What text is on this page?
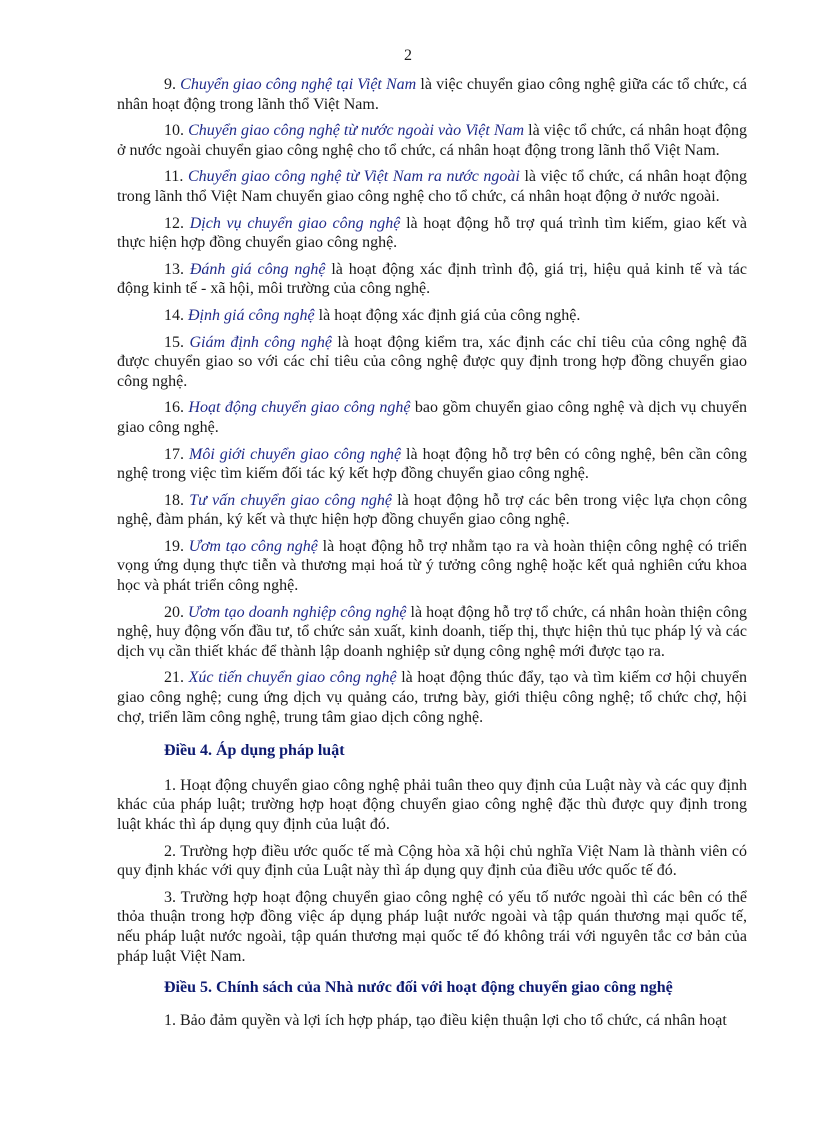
2

9. Chuyển giao công nghệ tại Việt Nam là việc chuyển giao công nghệ giữa các tổ chức, cá nhân hoạt động trong lãnh thổ Việt Nam.

10. Chuyển giao công nghệ từ nước ngoài vào Việt Nam là việc tổ chức, cá nhân hoạt động ở nước ngoài chuyển giao công nghệ cho tổ chức, cá nhân hoạt động trong lãnh thổ Việt Nam.

11. Chuyển giao công nghệ từ Việt Nam ra nước ngoài là việc tổ chức, cá nhân hoạt động trong lãnh thổ Việt Nam chuyển giao công nghệ cho tổ chức, cá nhân hoạt động ở nước ngoài.

12. Dịch vụ chuyển giao công nghệ là hoạt động hỗ trợ quá trình tìm kiếm, giao kết và thực hiện hợp đồng chuyển giao công nghệ.

13. Đánh giá công nghệ là hoạt động xác định trình độ, giá trị, hiệu quả kinh tế và tác động kinh tế - xã hội, môi trường của công nghệ.

14. Định giá công nghệ là hoạt động xác định giá của công nghệ.

15. Giám định công nghệ là hoạt động kiểm tra, xác định các chỉ tiêu của công nghệ đã được chuyển giao so với các chỉ tiêu của công nghệ được quy định trong hợp đồng chuyển giao công nghệ.

16. Hoạt động chuyển giao công nghệ bao gồm chuyển giao công nghệ và dịch vụ chuyển giao công nghệ.

17. Môi giới chuyển giao công nghệ là hoạt động hỗ trợ bên có công nghệ, bên cần công nghệ trong việc tìm kiếm đối tác ký kết hợp đồng chuyển giao công nghệ.

18. Tư vấn chuyển giao công nghệ là hoạt động hỗ trợ các bên trong việc lựa chọn công nghệ, đàm phán, ký kết và thực hiện hợp đồng chuyển giao công nghệ.

19. Ươm tạo công nghệ là hoạt động hỗ trợ nhằm tạo ra và hoàn thiện công nghệ có triển vọng ứng dụng thực tiễn và thương mại hoá từ ý tưởng công nghệ hoặc kết quả nghiên cứu khoa học và phát triển công nghệ.

20. Ươm tạo doanh nghiệp công nghệ là hoạt động hỗ trợ tổ chức, cá nhân hoàn thiện công nghệ, huy động vốn đầu tư, tổ chức sản xuất, kinh doanh, tiếp thị, thực hiện thủ tục pháp lý và các dịch vụ cần thiết khác để thành lập doanh nghiệp sử dụng công nghệ mới được tạo ra.

21. Xúc tiến chuyển giao công nghệ là hoạt động thúc đẩy, tạo và tìm kiếm cơ hội chuyển giao công nghệ; cung ứng dịch vụ quảng cáo, trưng bày, giới thiệu công nghệ; tổ chức chợ, hội chợ, triển lãm công nghệ, trung tâm giao dịch công nghệ.

Điều 4. Áp dụng pháp luật

1. Hoạt động chuyển giao công nghệ phải tuân theo quy định của Luật này và các quy định khác của pháp luật; trường hợp hoạt động chuyển giao công nghệ đặc thù được quy định trong luật khác thì áp dụng quy định của luật đó.

2. Trường hợp điều ước quốc tế mà Cộng hòa xã hội chủ nghĩa Việt Nam là thành viên có quy định khác với quy định của Luật này thì áp dụng quy định của điều ước quốc tế đó.

3. Trường hợp hoạt động chuyển giao công nghệ có yếu tố nước ngoài thì các bên có thể thỏa thuận trong hợp đồng việc áp dụng pháp luật nước ngoài và tập quán thương mại quốc tế, nếu pháp luật nước ngoài, tập quán thương mại quốc tế đó không trái với nguyên tắc cơ bản của pháp luật Việt Nam.

Điều 5. Chính sách của Nhà nước đối với hoạt động chuyển giao công nghệ

1. Bảo đảm quyền và lợi ích hợp pháp, tạo điều kiện thuận lợi cho tổ chức, cá nhân hoạt
